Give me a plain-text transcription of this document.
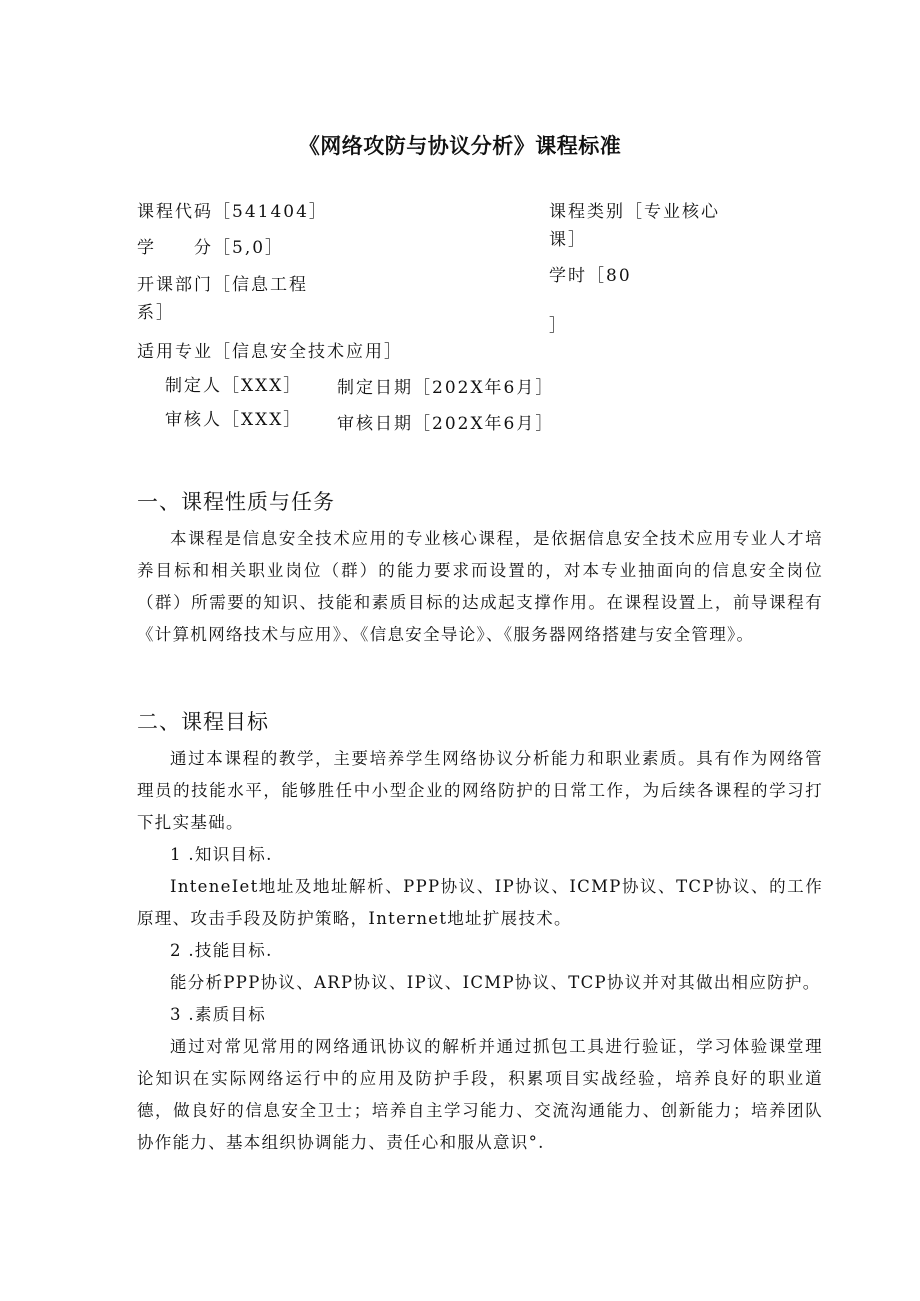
《网络攻防与协议分析》课程标准
课程代码［541404］	课程类别［专业核心
课］
学　　分［5,0］
学时［80
开课部门［信息工程
系］
］
适用专业［信息安全技术应用］
制定人［XXX］ 制定日期［202X年6月］
审核人［XXX］ 审核日期［202X年6月］
一、课程性质与任务

本课程是信息安全技术应用的专业核心课程，是依据信息安全技术应用专业人才培养目标和相关职业岗位（群）的能力要求而设置的，对本专业抽面向的信息安全岗位（群）所需要的知识、技能和素质目标的达成起支撑作用。在课程设置上，前导课程有《计算机网络技术与应用》、《信息安全导论》、《服务器网络搭建与安全管理》。

二、课程目标

通过本课程的教学，主要培养学生网络协议分析能力和职业素质。具有作为网络管理员的技能水平，能够胜任中小型企业的网络防护的日常工作，为后续各课程的学习打下扎实基础。

1 .知识目标.

InteneIet地址及地址解析、PPP协议、IP协议、ICMP协议、TCP协议、的工作原理、攻击手段及防护策略，Internet地址扩展技术。

2 .技能目标.

能分析PPP协议、ARP协议、IP议、ICMP协议、TCP协议并对其做出相应防护。

3 .素质目标

通过对常见常用的网络通讯协议的解析并通过抓包工具进行验证，学习体验课堂理论知识在实际网络运行中的应用及防护手段，积累项目实战经验，培养良好的职业道德，做良好的信息安全卫士；培养自主学习能力、交流沟通能力、创新能力；培养团队协作能力、基本组织协调能力、责任心和服从意识°.
